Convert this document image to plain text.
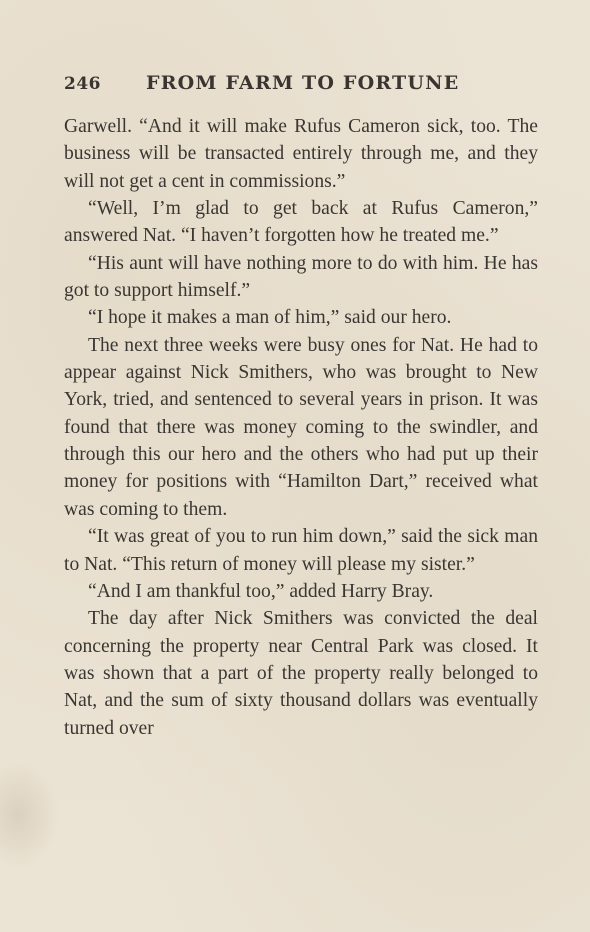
246 FROM FARM TO FORTUNE

Garwell. “And it will make Rufus Cameron sick, too. The business will be transacted entirely through me, and they will not get a cent in commissions.”

“Well, I’m glad to get back at Rufus Cameron,” answered Nat. “I haven’t forgotten how he treated me.”

“His aunt will have nothing more to do with him. He has got to support himself.”

“I hope it makes a man of him,” said our hero.

The next three weeks were busy ones for Nat. He had to appear against Nick Smithers, who was brought to New York, tried, and sentenced to several years in prison. It was found that there was money coming to the swindler, and through this our hero and the others who had put up their money for positions with “Hamilton Dart,” received what was coming to them.

“It was great of you to run him down,” said the sick man to Nat. “This return of money will please my sister.”

“And I am thankful too,” added Harry Bray.

The day after Nick Smithers was convicted the deal concerning the property near Central Park was closed. It was shown that a part of the property really belonged to Nat, and the sum of sixty thousand dollars was eventually turned over
